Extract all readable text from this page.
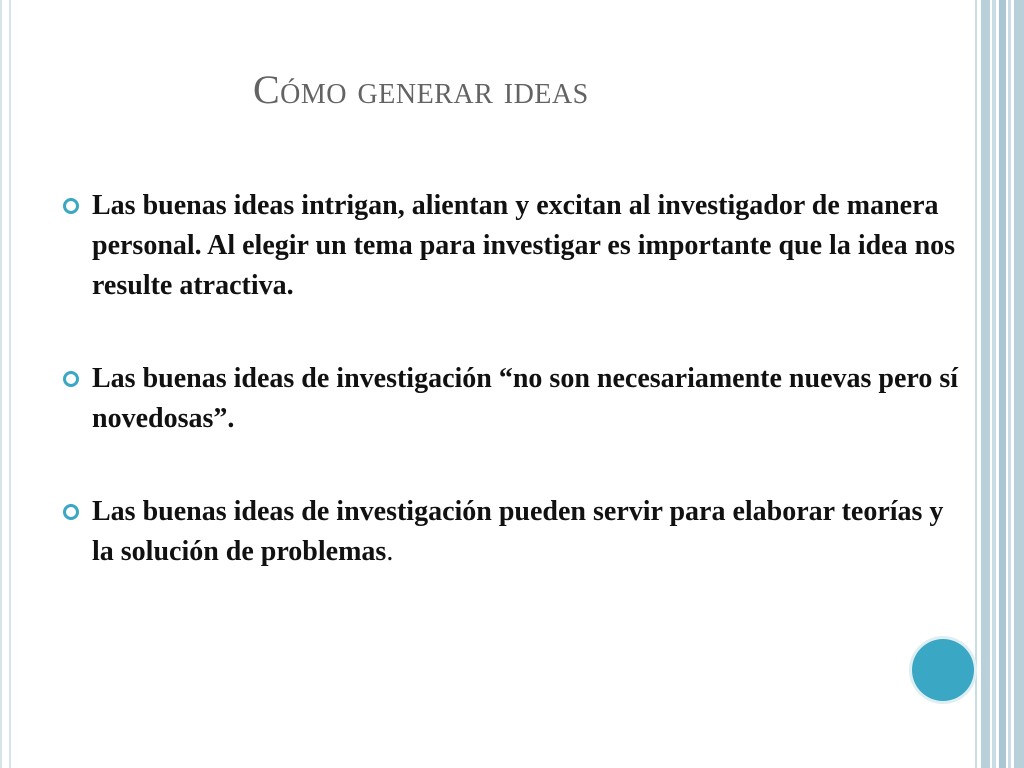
Cómo generar ideas
Las buenas ideas intrigan, alientan y excitan al investigador de manera personal. Al elegir un tema para investigar es importante que la idea nos resulte atractiva.
Las buenas ideas de investigación “no son necesariamente nuevas pero sí novedosas”.
Las buenas ideas de investigación pueden servir para elaborar teorías y la solución de problemas.
